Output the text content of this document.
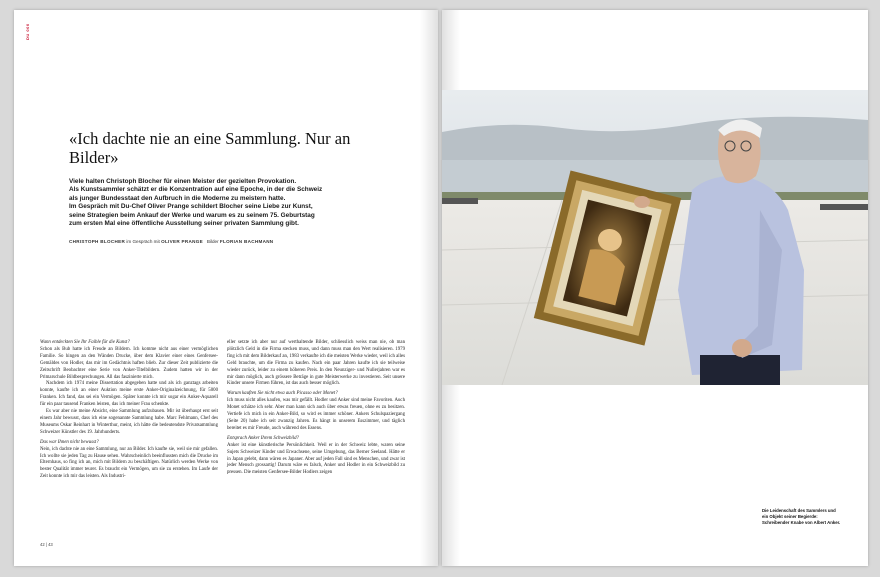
DU 000
«Ich dachte nie an eine Sammlung. Nur an Bilder»

Viele halten Christoph Blocher für einen Meister der gezielten Provokation.

Als Kunstsammler schätzt er die Konzentration auf eine Epoche, in der die Schweiz

als junger Bundesstaat den Aufbruch in die Moderne zu meistern hatte.

Im Gespräch mit Du-Chef Oliver Prange schildert Blocher seine Liebe zur Kunst,

seine Strategien beim Ankauf der Werke und warum es zu seinem 75. Geburtstag

zum ersten Mal eine öffentliche Ausstellung seiner privaten Sammlung gibt.

CHRISTOPH BLOCHER im Gespräch mit OLIVER PRANGE Bilder FLORIAN BACHMANN
Wann entdeckten Sie Ihr Faible für die Kunst?

Schon als Bub hatte ich Freude an Bildern. Ich komme nicht aus einer vermöglichen Familie. So hingen an den Wänden Drucke, über dem Klavier einer eines Genfersee-Gemäldes von Hodler, das mir im Gedächtnis haften blieb. Zur dieser Zeit publizierte die Zeitschrift Beobachter eine Serie von Anker-Titelbildern. Zudem hatten wir in der Primarschule Bildbesprechungen. All das faszinierte mich.

Nachdem ich 1974 meine Dissertation abgegeben hatte und als ich ganztags arbeiten konnte, kaufte ich an einer Auktion meine erste Anker-Originalzeichnung, für 5000 Franken. Ich fand, das sei ein Vermögen. Später konnte ich mir sogar ein Anker-Aquarell für ein paar tausend Franken leisten, das ich meiner Frau schenkte.

Es war aber nie meine Absicht, eine Sammlung aufzubauen. Mir ist überhaupt erst seit einem Jahr bewusst, dass ich eine sogenannte Sammlung habe. Marc Fehlmann, Chef des Museums Oskar Reinhart in Winterthur, meint, ich hätte die bedeutendste Privatsammlung Schweizer Künstler des 19. Jahrhunderts.

Das war Ihnen nicht bewusst?

Nein, ich dachte nie an eine Sammlung, nur an Bilder. Ich kaufte sie, weil sie mir gefallen. Ich wollte sie jeden Tag zu Hause sehen. Wahrscheinlich beeinflussten mich die Drucke im Elternhaus, so fing ich an, mich mit Bildern zu beschäftigen. Natürlich werden Werke von bester Qualität immer teurer. Es braucht ein Vermögen, um sie zu erstehen. Im Laufe der Zeit konnte ich mir das leisten. Als Industri-

eller setzte ich aber nur auf werthaltende Bilder, schliesslich weiss man nie, ob man plötzlich Geld in die Firma stecken muss, und dann muss man den Wert realisieren. 1979 fing ich mit dem Bilderkauf an, 1983 verkaufte ich die meisten Werke wieder, weil ich alles Geld brauchte, um die Firma zu kaufen. Nach ein paar Jahren kaufte ich sie teilweise wieder zurück, leider zu einem höheren Preis. In den Neunziger- und Nullerjahren war es mir dann möglich, auch grössere Beträge in gute Meisterwerke zu investieren. Seit unsere Kinder unsere Firmen führen, ist das auch besser möglich.

Warum kauften Sie nicht etwa auch Picasso oder Monet?

Ich muss nicht alles kaufen, was mir gefällt. Hodler und Anker sind meine Favoriten. Auch Monet schätze ich sehr. Aber man kann sich auch über etwas freuen, ohne es zu besitzen. Vertiefe ich mich in ein Anker-Bild, so wird es immer schöner. Ankers Schulspaziergang (Seite 20) habe ich seit zwanzig Jahren. Es hängt in unserem Esszimmer, und täglich bereitet es mir Freude, auch während des Essens.

Entsprach Anker Ihrem Schweizbild?

Anker ist eine künstlerische Persönlichkeit. Weil er in der Schweiz lebte, waren seine Sujets Schweizer Kinder und Erwachsene, seine Umgebung, das Berner Seeland. Hätte er in Japan gelebt, dann wären es Japaner. Aber auf jeden Fall sind es Menschen, und zwar ist jeder Mensch grossartig! Darum wäre es falsch, Anker und Hodler in ein Schweizbild zu pressen. Die meisten Genfersee-Bilder Hodlers zeigen

42 | 43
Die Leidenschaft des Sammlers und
ein Objekt seiner Begierde:
Schreibender Knabe von Albert Anker.
